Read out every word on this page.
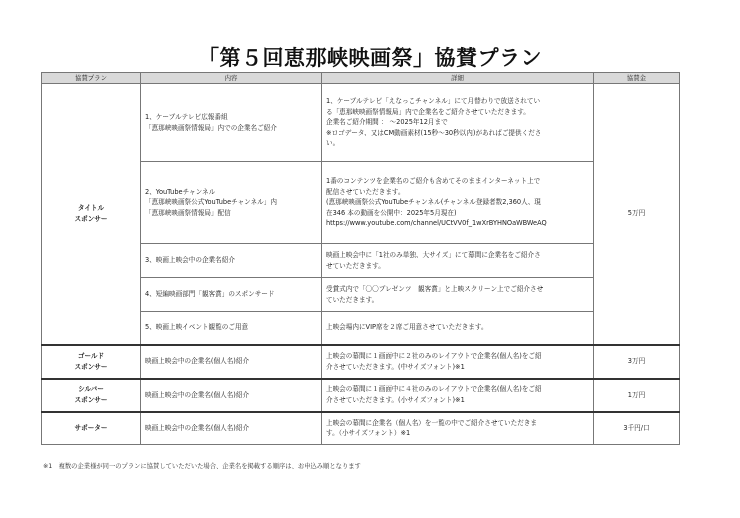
「第５回恵那峡映画祭」協賛プラン
協賛プラン	内容	詳細	協賛金

タイトル
スポンサー	1、ケーブルテレビ広報番組
「恵那峡映画祭情報局」内での企業名ご紹介	1、ケーブルテレビ「えなっこチャンネル」にて月替わりで放送されてい
る「恵那峡映画祭情報局」内で企業名をご紹介させていただきます。
企業名ご紹介期間 ： ～2025年12月まで
※ロゴデータ、又はCM動画素材(15秒～30秒以内)があればご提供くださ
い。	5万円

	2、YouTubeチャンネル
「恵那峡映画祭公式YouTubeチャンネル」内
「恵那峡映画祭情報局」配信	1番のコンテンツを企業名のご紹介も含めてそのままインターネット上で
配信させていただきます。
(恵那峡映画祭公式YouTubeチャンネル(チャンネル登録者数2,360人、現
在346 本の動画を公開中：2025年5月現在)
https://www.youtube.com/channel/UCtVV0f_1wXrBYHNOaWBWeAQ	

	3、映画上映会中の企業名紹介	映画上映会中に「1社のみ単独、大サイズ」にて幕間に企業名をご紹介さ
せていただきます。	

	4、短編映画部門「観客賞」のスポンサード	受賞式内で「〇〇プレゼンツ　観客賞」と上映スクリーン上でご紹介させ
ていただきます。	

	5、映画上映イベント観覧のご用意	上映会場内にVIP席を２席ご用意させていただきます。	

ゴールド
スポンサー	映画上映会中の企業名(個人名)紹介	上映会の幕間に１画面中に２社のみのレイアウトで企業名(個人名)をご紹
介させていただきます。(中サイズフォント)※1	3万円

シルバー
スポンサー	映画上映会中の企業名(個人名)紹介	上映会の幕間に１画面中に４社のみのレイアウトで企業名(個人名)をご紹
介させていただきます。(小サイズフォント)※1	1万円

サポーター	映画上映会中の企業名(個人名)紹介	上映会の幕間に企業名（個人名）を一覧の中でご紹介させていただきま
す。（小サイズフォント）※1	3千円/口
※1　複数の企業様が同一のプランに協賛していただいた場合、企業名を掲載する順序は、お申込み順となります
